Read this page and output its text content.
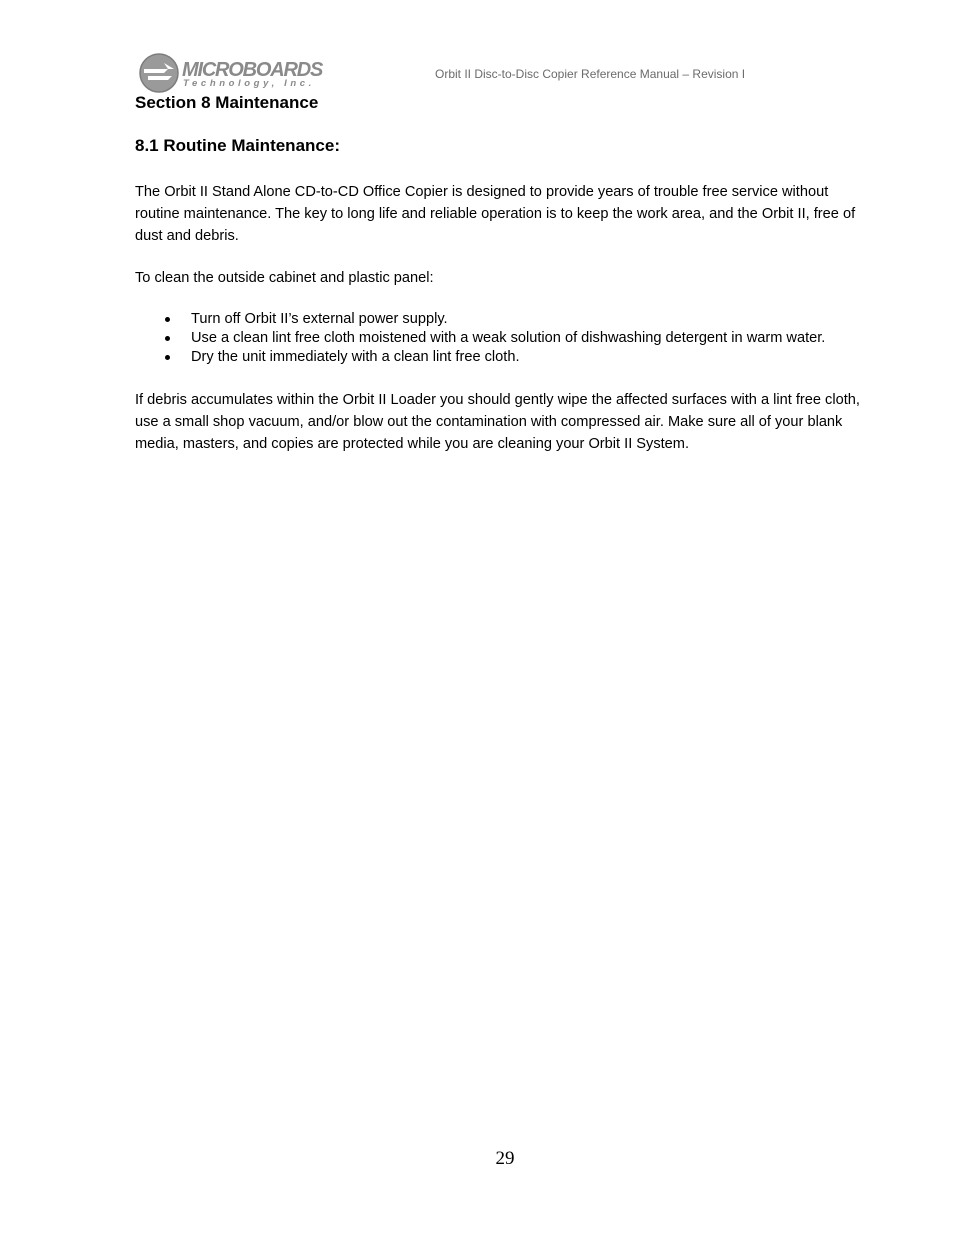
MICROBOARDS
Technology, Inc.
Orbit II Disc-to-Disc Copier Reference Manual – Revision I
Section 8 Maintenance
8.1 Routine Maintenance:

The Orbit II Stand Alone CD-to-CD Office Copier is designed to provide years of trouble free service without routine maintenance. The key to long life and reliable operation is to keep the work area, and the Orbit II, free of dust and debris.

To clean the outside cabinet and plastic panel:

Turn off Orbit II’s external power supply.
Use a clean lint free cloth moistened with a weak solution of dishwashing detergent in warm water.
Dry the unit immediately with a clean lint free cloth.

If debris accumulates within the Orbit II Loader you should gently wipe the affected surfaces with a lint free cloth, use a small shop vacuum, and/or blow out the contamination with compressed air. Make sure all of your blank media, masters, and copies are protected while you are cleaning your Orbit II System.

29
